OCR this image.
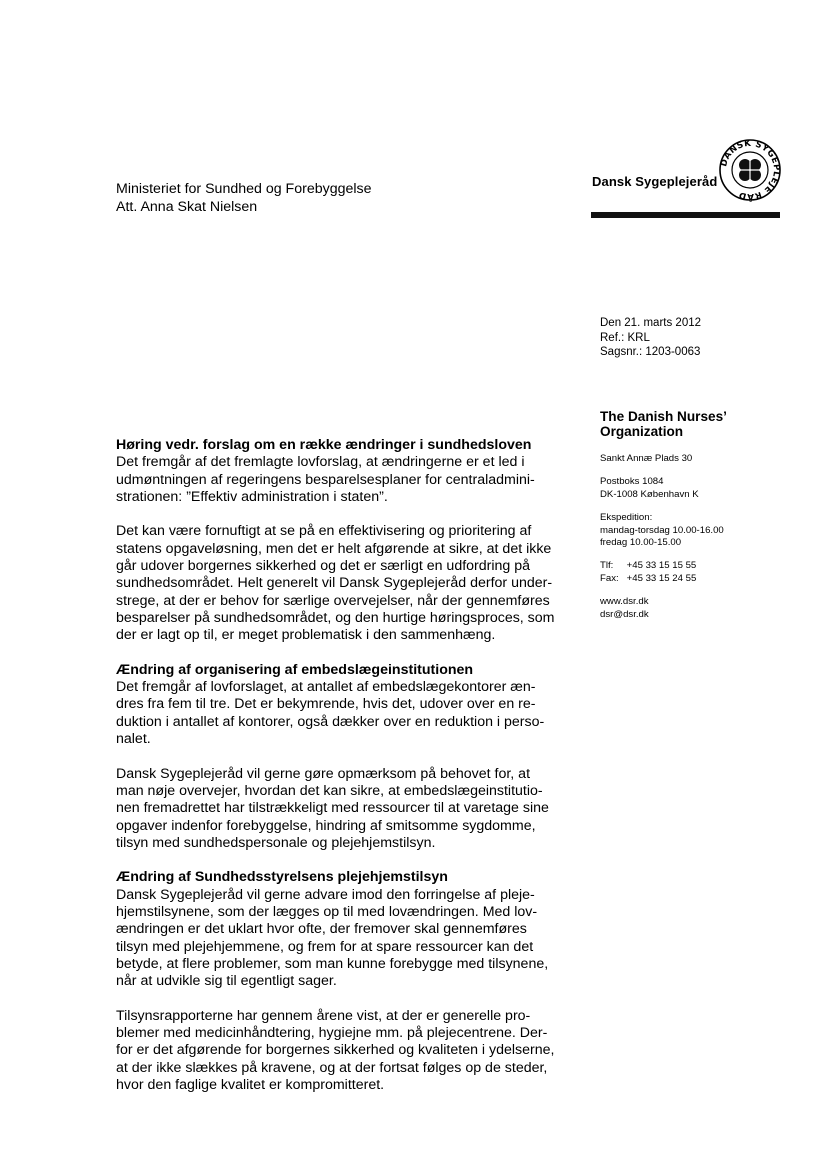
Ministeriet for Sundhed og Forebyggelse
Att. Anna Skat Nielsen
Dansk Sygeplejeråd
DANSK SYGEPLEJE RÅD
Den 21. marts 2012
Ref.: KRL
Sagsnr.: 1203-0063
The Danish Nurses’
Organization
Sankt Annæ Plads 30
Postboks 1084
DK-1008 København K
Ekspedition:
mandag-torsdag 10.00-16.00
fredag 10.00-15.00
Tlf:     +45 33 15 15 55
Fax:   +45 33 15 24 55
www.dsr.dk
dsr@dsr.dk

Høring vedr. forslag om en række ændringer i sundhedsloven

Det fremgår af det fremlagte lovforslag, at ændringerne er et led i

udmøntningen af regeringens besparelsesplaner for centraladmini-

strationen: ”Effektiv administration i staten”.

Det kan være fornuftigt at se på en effektivisering og prioritering af

statens opgaveløsning, men det er helt afgørende at sikre, at det ikke

går udover borgernes sikkerhed og det er særligt en udfordring på

sundhedsområdet. Helt generelt vil Dansk Sygeplejeråd derfor under-

strege, at der er behov for særlige overvejelser, når der gennemføres

besparelser på sundhedsområdet, og den hurtige høringsproces, som

der er lagt op til, er meget problematisk i den sammenhæng.

Ændring af organisering af embedslægeinstitutionen

Det fremgår af lovforslaget, at antallet af embedslægekontorer æn-

dres fra fem til tre. Det er bekymrende, hvis det, udover over en re-

duktion i antallet af kontorer, også dækker over en reduktion i perso-

nalet.

Dansk Sygeplejeråd vil gerne gøre opmærksom på behovet for, at

man nøje overvejer, hvordan det kan sikre, at embedslægeinstitutio-

nen fremadrettet har tilstrækkeligt med ressourcer til at varetage sine

opgaver indenfor forebyggelse, hindring af smitsomme sygdomme,

tilsyn med sundhedspersonale og plejehjemstilsyn.

Ændring af Sundhedsstyrelsens plejehjemstilsyn

Dansk Sygeplejeråd vil gerne advare imod den forringelse af pleje-

hjemstilsynene, som der lægges op til med lovændringen. Med lov-

ændringen er det uklart hvor ofte, der fremover skal gennemføres

tilsyn med plejehjemmene, og frem for at spare ressourcer kan det

betyde, at flere problemer, som man kunne forebygge med tilsynene,

når at udvikle sig til egentligt sager.

Tilsynsrapporterne har gennem årene vist, at der er generelle pro-

blemer med medicinhåndtering, hygiejne mm. på plejecentrene. Der-

for er det afgørende for borgernes sikkerhed og kvaliteten i ydelserne,

at der ikke slækkes på kravene, og at der fortsat følges op de steder,

hvor den faglige kvalitet er kompromitteret.
